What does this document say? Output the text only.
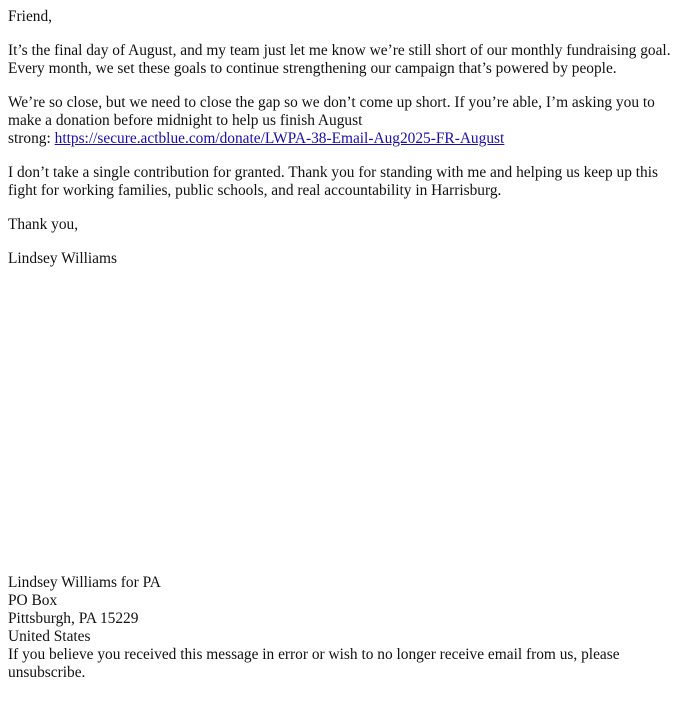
Friend,

It’s the final day of August, and my team just let me know we’re still short of our monthly fundraising goal. Every month, we set these goals to continue strengthening our campaign that’s powered by people.

We’re so close, but we need to close the gap so we don’t come up short. If you’re able, I’m asking you to make a donation before midnight to help us finish August
strong: https://secure.actblue.com/donate/LWPA-38-Email-Aug2025-FR-August

I don’t take a single contribution for granted. Thank you for standing with me and helping us keep up this fight for working families, public schools, and real accountability in Harrisburg.

Thank you,

Lindsey Williams

Lindsey Williams for PA
PO Box
Pittsburgh, PA 15229
United States
If you believe you received this message in error or wish to no longer receive email from us, please unsubscribe.
